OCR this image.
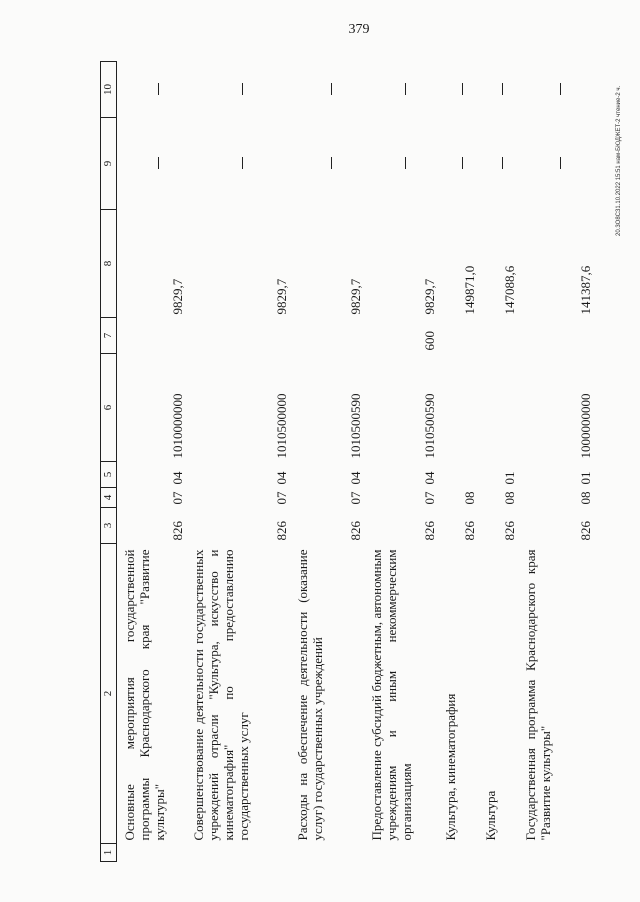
379
20.3О8С31.10.2022 15:51 нам-БЮДЖЕТ-2 чтениe-2 ч.
1	2	3	4	5	6	7	8	9	10
	Основные мероприятия государственной программы Краснодарского края "Развитие культуры"	826	07	04	1010000000		9829,7		
	Совершенствование деятельности государственных учреждений отрасли "Культура, искусство и кинематография" по предоставлению государственных услуг	826	07	04	1010500000		9829,7		
	Расходы на обеспечение деятельности (оказание услуг) государственных учреждений	826	07	04	1010500590		9829,7		
	Предоставление субсидий бюджетным, автономным учреждениям и иным некоммерческим организациям	826	07	04	1010500590	600	9829,7		
	Культура, кинематография	826	08				149871,0		
	Культура	826	08	01			147088,6		
	Государственная программа Краснодарского края "Развитие культуры"	826	08	01	1000000000		141387,6		
